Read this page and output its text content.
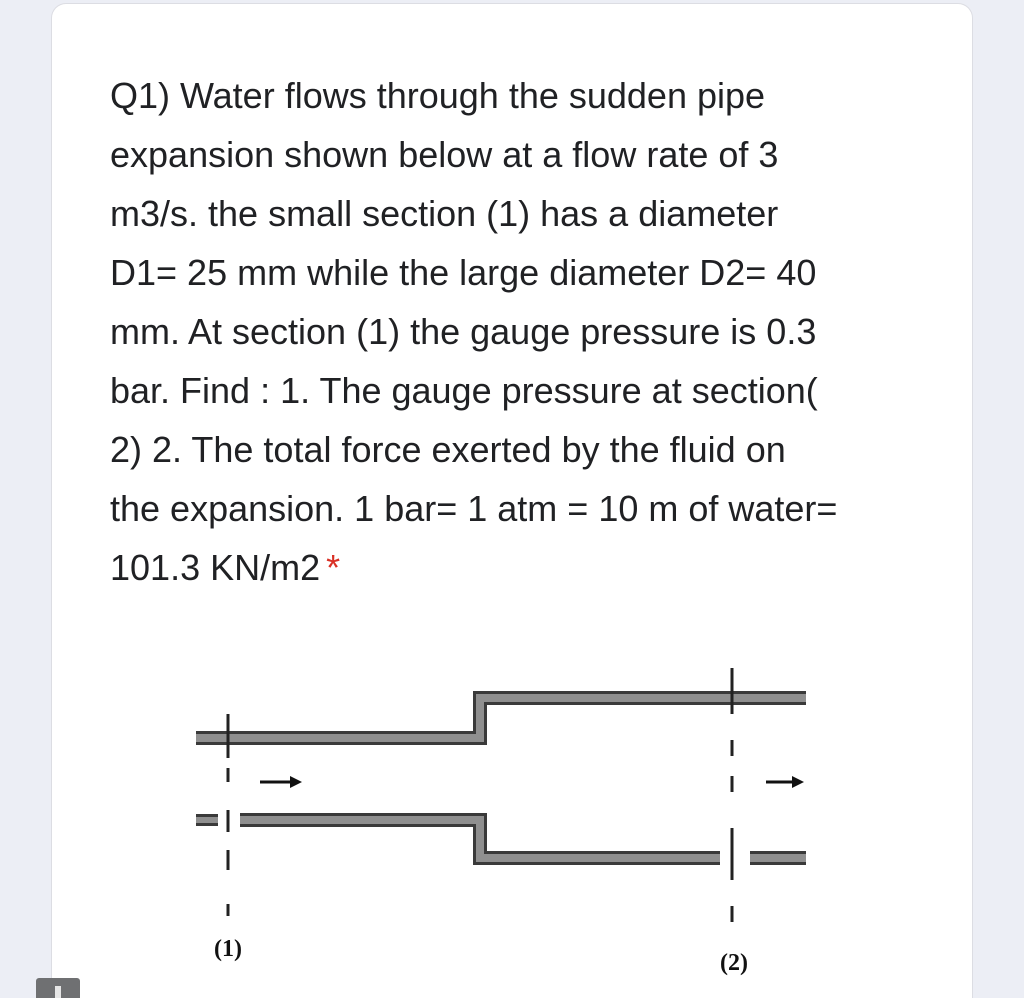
Q1) Water flows through the sudden pipe
expansion shown below at a flow rate of 3
m3/s. the small section (1) has a diameter
D1= 25 mm while the large diameter D2= 40
mm. At section (1) the gauge pressure is 0.3
bar. Find : 1. The gauge pressure at section(
2) 2. The total force exerted by the fluid on
the expansion. 1 bar= 1 atm = 10 m of water=
101.3 KN/m2 *

(1)
(2)
